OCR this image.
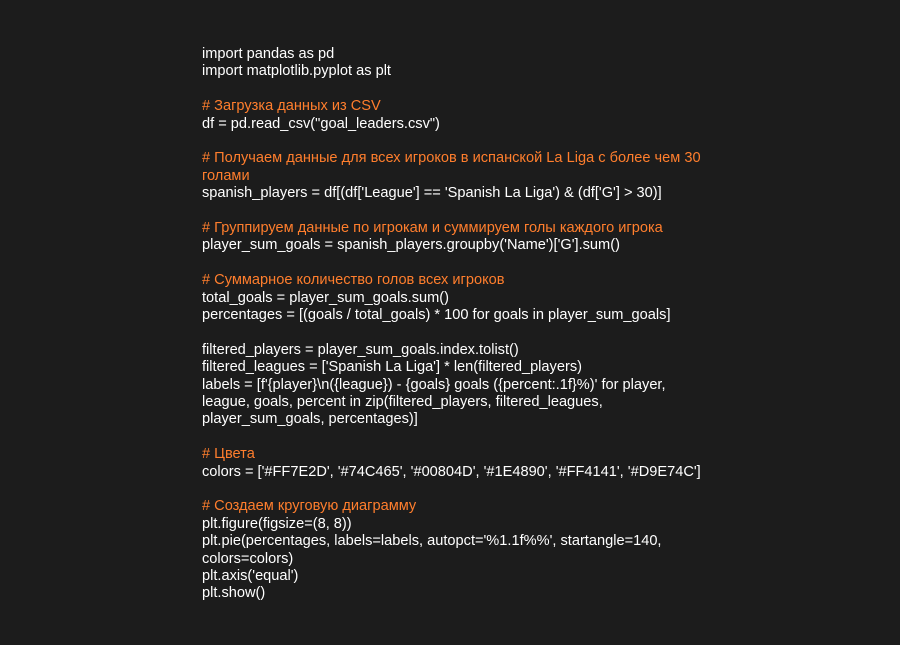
import pandas as pd
import matplotlib.pyplot as plt
# Загрузка данных из CSV
df = pd.read_csv("goal_leaders.csv")
# Получаем данные для всех игроков в испанской La Liga с более чем 30
голами
spanish_players = df[(df['League'] == 'Spanish La Liga') & (df['G'] > 30)]
# Группируем данные по игрокам и суммируем голы каждого игрока
player_sum_goals = spanish_players.groupby('Name')['G'].sum()
# Суммарное количество голов всех игроков
total_goals = player_sum_goals.sum()
percentages = [(goals / total_goals) * 100 for goals in player_sum_goals]
filtered_players = player_sum_goals.index.tolist()
filtered_leagues = ['Spanish La Liga'] * len(filtered_players)
labels = [f'{player}\n({league}) - {goals} goals ({percent:.1f}%)' for player,
league, goals, percent in zip(filtered_players, filtered_leagues,
player_sum_goals, percentages)]
# Цвета
colors = ['#FF7E2D', '#74C465', '#00804D', '#1E4890', '#FF4141', '#D9E74C']
# Создаем круговую диаграмму
plt.figure(figsize=(8, 8))
plt.pie(percentages, labels=labels, autopct='%1.1f%%', startangle=140,
colors=colors)
plt.axis('equal')
plt.show()
